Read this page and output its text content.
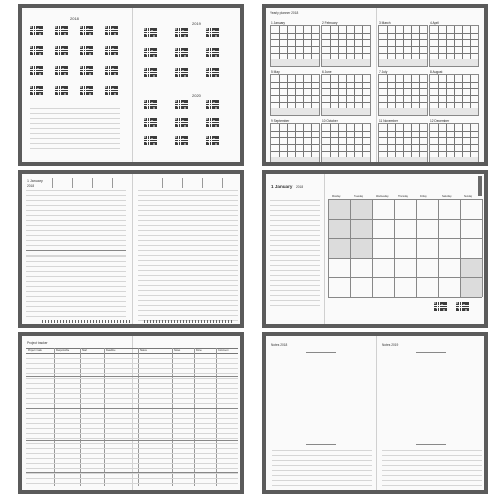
2018
2019
2020
Yearly planner 2018
1 January	2 February	3 March	4 April
5 May	6 June	7 July	8 August
9 September	10 October	11 November	12 December
1 January
2018	1 January 2018
Monday	Tuesday	Wednesday	Thursday	Friday	Saturday	Sunday
Project tracker
Project / task	Responsible	Start	Deadline	Status	Notes	Done	Comment
Notes 2018	Notes 2019
